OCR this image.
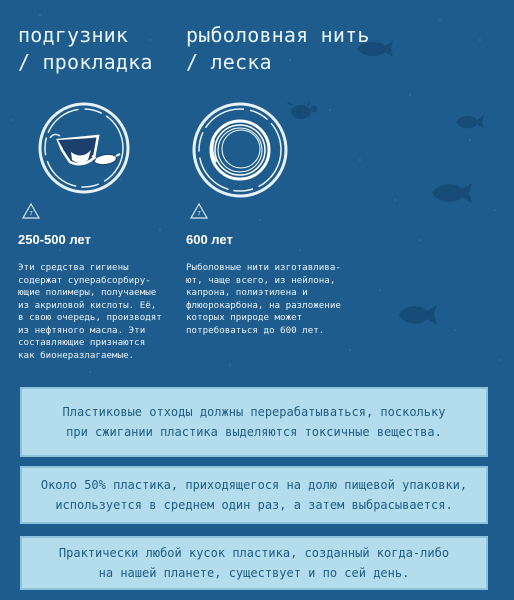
подгузник
/ прокладка
7
250-500 лет
Эти средства гигиены
содержат суперабсорбиру-
ющие полимеры, получаемые
из акриловой кислоты. Её,
в свою очередь, производят
из нефтяного масла. Эти
составляющие признаются
как бионеразлагаемые.
рыболовная нить
/ леска
7
600 лет
Рыболовные нити изготавлива-
ют, чаще всего, из нейлона,
капрона, полиэтилена и
флюорокарбона, на разложение
которых природе может
потребоваться до 600 лет.
Пластиковые отходы должны перерабатываться, поскольку
при сжигании пластика выделяются токсичные вещества.
Около 50% пластика, приходящегося на долю пищевой упаковки,
используется в среднем один раз, а затем выбрасывается.
Практически любой кусок пластика, созданный когда-либо
на нашей планете, существует и по сей день.
